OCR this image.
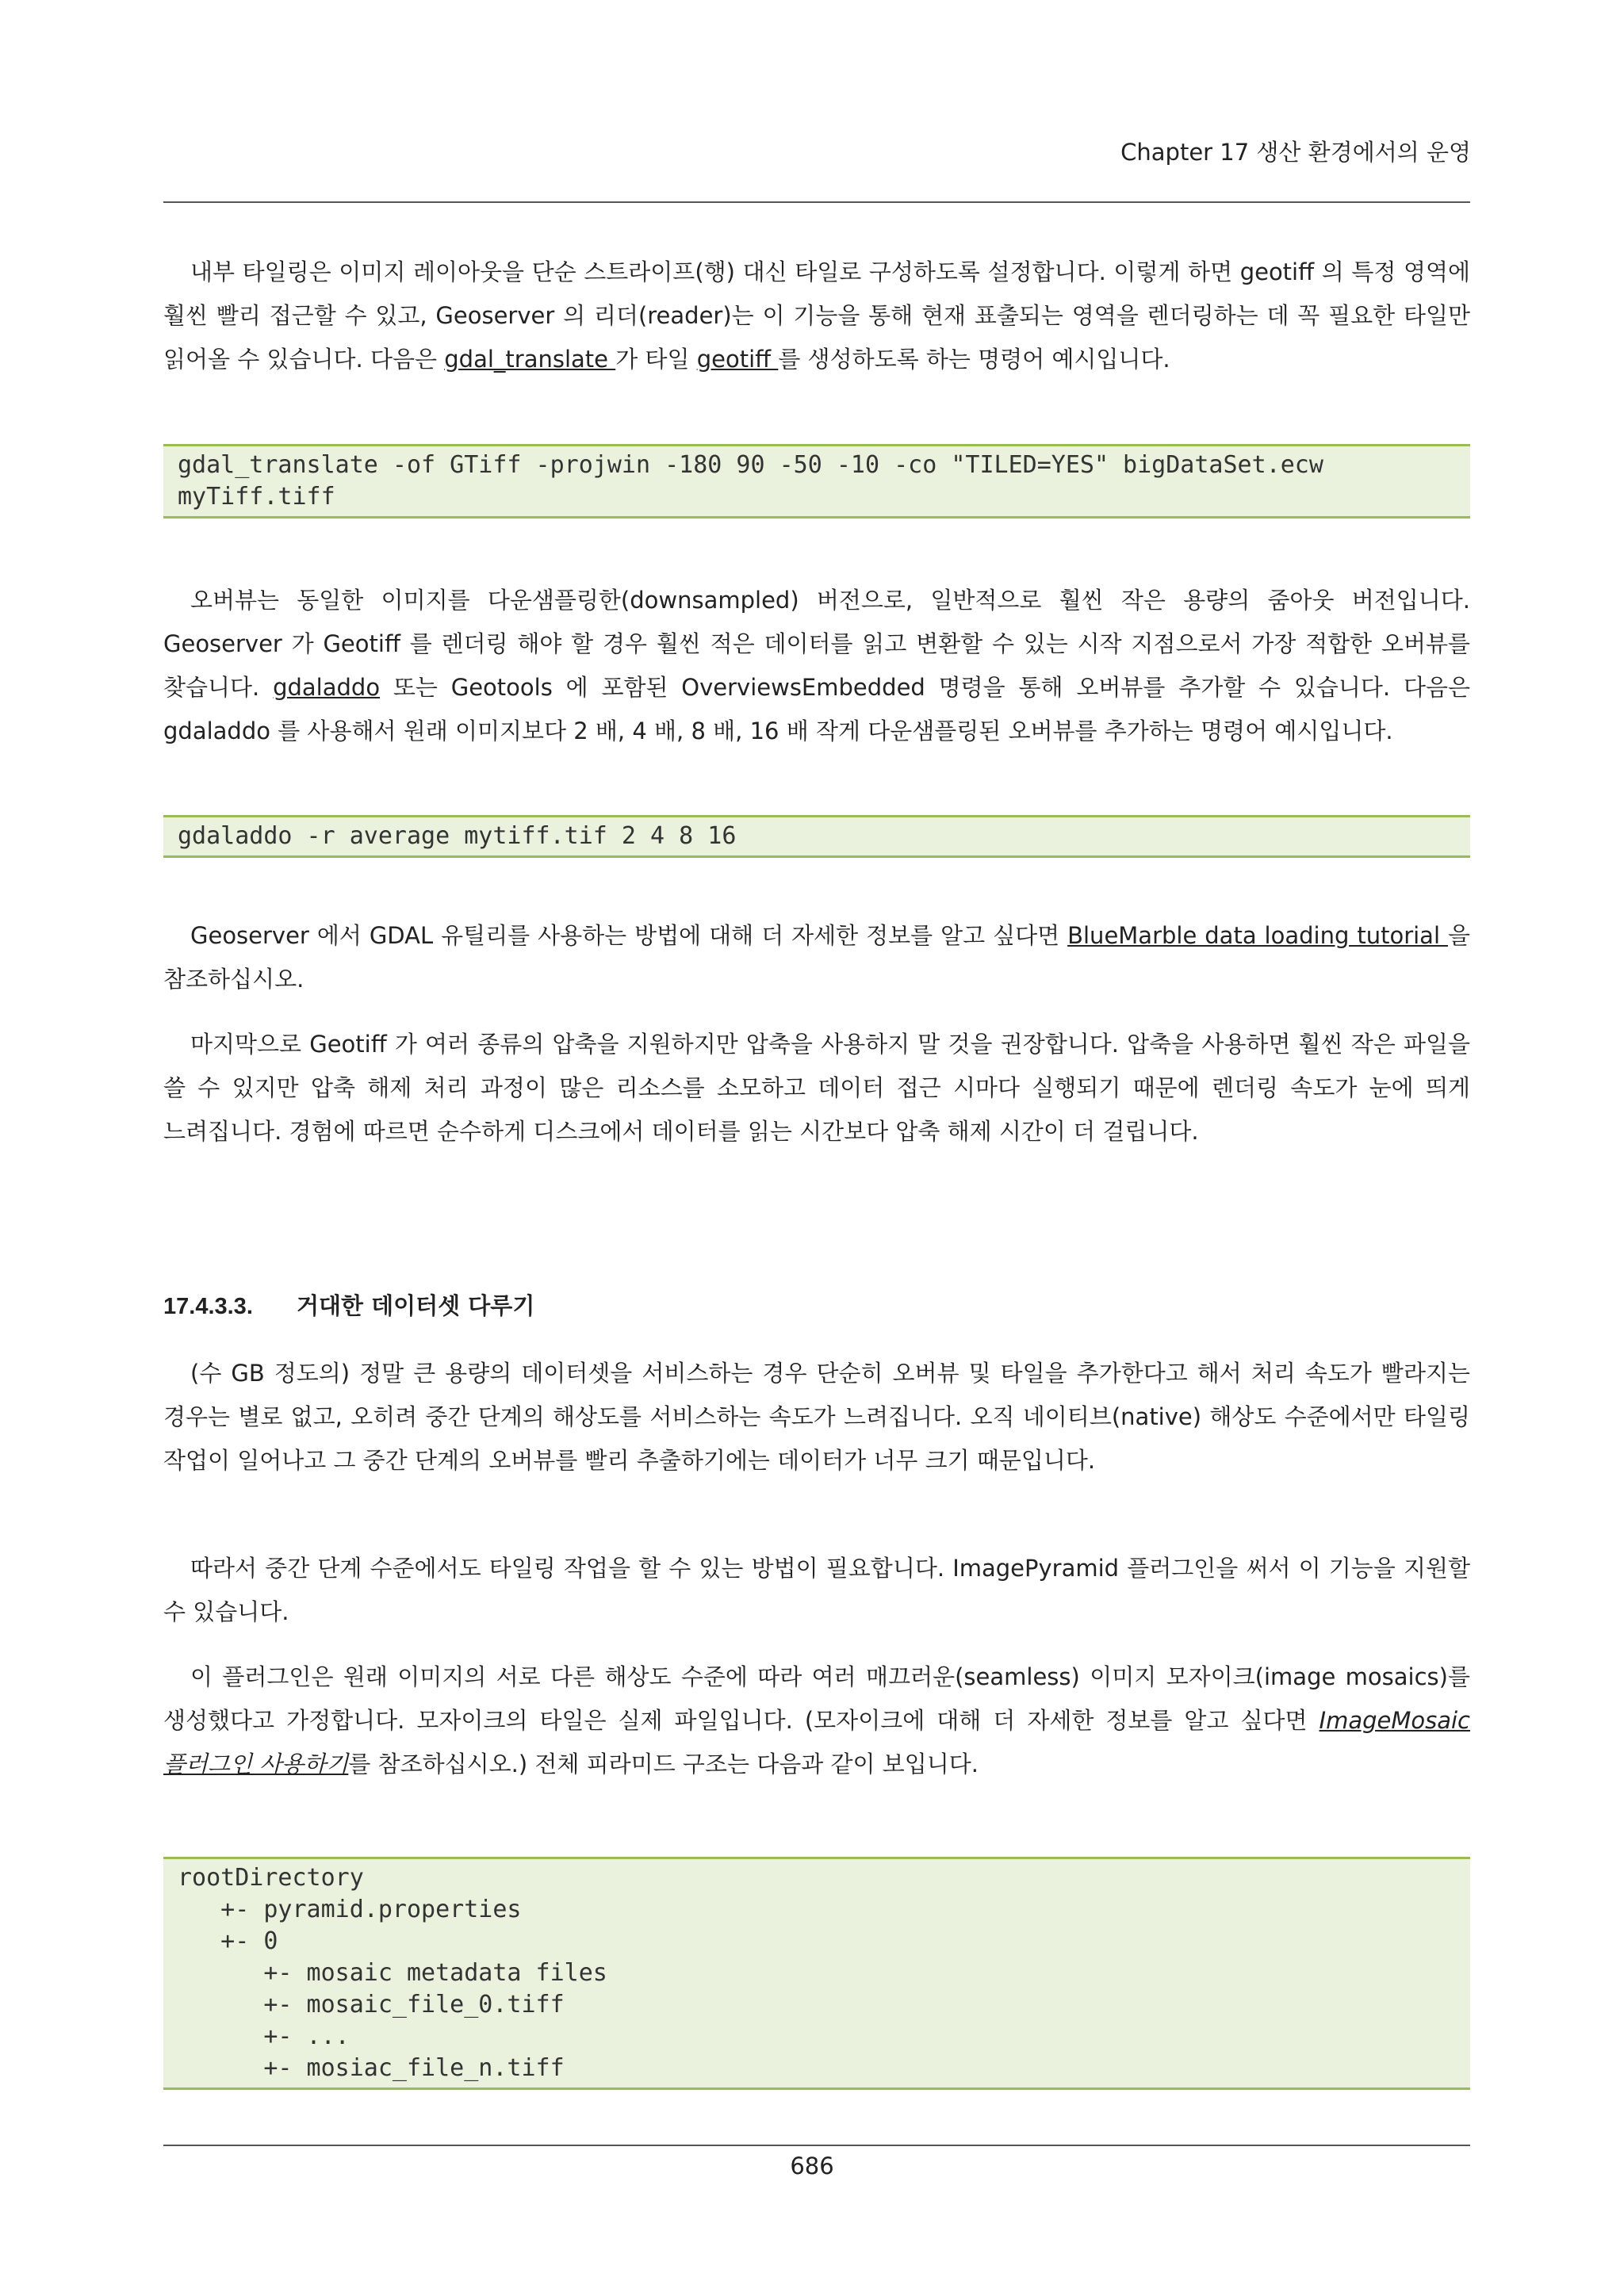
Chapter 17 생산 환경에서의 운영

내부 타일링은 이미지 레이아웃을 단순 스트라이프(행) 대신 타일로 구성하도록 설정합니다. 이렇게 하면 geotiff 의 특정 영역에 훨씬 빨리 접근할 수 있고, Geoserver 의 리더(reader)는 이 기능을 통해 현재 표출되는 영역을 렌더링하는 데 꼭 필요한 타일만 읽어올 수 있습니다. 다음은 gdal_translate 가 타일 geotiff 를 생성하도록 하는 명령어 예시입니다.

gdal_translate -of GTiff -projwin -180 90 -50 -10 -co "TILED=YES" bigDataSet.ecw
myTiff.tiff

오버뷰는 동일한 이미지를 다운샘플링한(downsampled) 버전으로, 일반적으로 훨씬 작은 용량의 줌아웃 버전입니다. Geoserver 가 Geotiff 를 렌더링 해야 할 경우 훨씬 적은 데이터를 읽고 변환할 수 있는 시작 지점으로서 가장 적합한 오버뷰를 찾습니다. gdaladdo 또는 Geotools 에 포함된 OverviewsEmbedded 명령을 통해 오버뷰를 추가할 수 있습니다. 다음은 gdaladdo 를 사용해서 원래 이미지보다 2 배, 4 배, 8 배, 16 배 작게 다운샘플링된 오버뷰를 추가하는 명령어 예시입니다.

gdaladdo -r average mytiff.tif 2 4 8 16

Geoserver 에서 GDAL 유틸리를 사용하는 방법에 대해 더 자세한 정보를 알고 싶다면 BlueMarble data loading tutorial 을 참조하십시오.

마지막으로 Geotiff 가 여러 종류의 압축을 지원하지만 압축을 사용하지 말 것을 권장합니다. 압축을 사용하면 훨씬 작은 파일을 쓸 수 있지만 압축 해제 처리 과정이 많은 리소스를 소모하고 데이터 접근 시마다 실행되기 때문에 렌더링 속도가 눈에 띄게 느려집니다. 경험에 따르면 순수하게 디스크에서 데이터를 읽는 시간보다 압축 해제 시간이 더 걸립니다.

17.4.3.3. 거대한 데이터셋 다루기

(수 GB 정도의) 정말 큰 용량의 데이터셋을 서비스하는 경우 단순히 오버뷰 및 타일을 추가한다고 해서 처리 속도가 빨라지는 경우는 별로 없고, 오히려 중간 단계의 해상도를 서비스하는 속도가 느려집니다. 오직 네이티브(native) 해상도 수준에서만 타일링 작업이 일어나고 그 중간 단계의 오버뷰를 빨리 추출하기에는 데이터가 너무 크기 때문입니다.

따라서 중간 단계 수준에서도 타일링 작업을 할 수 있는 방법이 필요합니다. ImagePyramid 플러그인을 써서 이 기능을 지원할 수 있습니다.

이 플러그인은 원래 이미지의 서로 다른 해상도 수준에 따라 여러 매끄러운(seamless) 이미지 모자이크(image mosaics)를 생성했다고 가정합니다. 모자이크의 타일은 실제 파일입니다. (모자이크에 대해 더 자세한 정보를 알고 싶다면 ImageMosaic 플러그인 사용하기를 참조하십시오.) 전체 피라미드 구조는 다음과 같이 보입니다.

rootDirectory
+- pyramid.properties
+- 0
+- mosaic metadata files
+- mosaic_file_0.tiff
+- ...
+- mosiac_file_n.tiff
686
